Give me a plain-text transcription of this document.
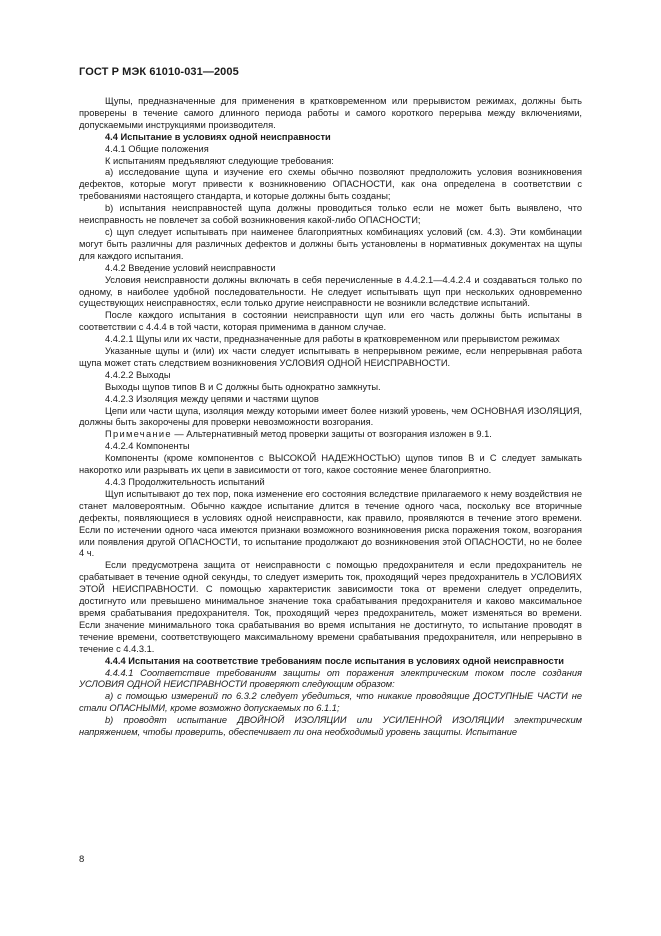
ГОСТ Р МЭК 61010-031—2005

Щупы, предназначенные для применения в кратковременном или прерывистом режимах, должны быть проверены в течение самого длинного периода работы и самого короткого перерыва между включениями, допускаемыми инструкциями производителя.

4.4 Испытание в условиях одной неисправности

4.4.1 Общие положения

К испытаниям предъявляют следующие требования:

a) исследование щупа и изучение его схемы обычно позволяют предположить условия возникновения дефектов, которые могут привести к возникновению ОПАСНОСТИ, как она определена в соответствии с требованиями настоящего стандарта, и которые должны быть созданы;

b) испытания неисправностей щупа должны проводиться только если не может быть выявлено, что неисправность не повлечет за собой возникновения какой-либо ОПАСНОСТИ;

c) щуп следует испытывать при наименее благоприятных комбинациях условий (см. 4.3). Эти комбинации могут быть различны для различных дефектов и должны быть установлены в нормативных документах на щупы для каждого испытания.

4.4.2 Введение условий неисправности

Условия неисправности должны включать в себя перечисленные в 4.4.2.1—4.4.2.4 и создаваться только по одному, в наиболее удобной последовательности. Не следует испытывать щуп при нескольких одновременно существующих неисправностях, если только другие неисправности не возникли вследствие испытаний.

После каждого испытания в состоянии неисправности щуп или его часть должны быть испытаны в соответствии с 4.4.4 в той части, которая применима в данном случае.

4.4.2.1 Щупы или их части, предназначенные для работы в кратковременном или прерывистом режимах

Указанные щупы и (или) их части следует испытывать в непрерывном режиме, если непрерывная работа щупа может стать следствием возникновения УСЛОВИЯ ОДНОЙ НЕИСПРАВНОСТИ.

4.4.2.2 Выходы

Выходы щупов типов B и C должны быть однократно замкнуты.

4.4.2.3 Изоляция между цепями и частями щупов

Цепи или части щупа, изоляция между которыми имеет более низкий уровень, чем ОСНОВНАЯ ИЗОЛЯЦИЯ, должны быть закорочены для проверки невозможности возгорания.

Примечание — Альтернативный метод проверки защиты от возгорания изложен в 9.1.

4.4.2.4 Компоненты

Компоненты (кроме компонентов с ВЫСОКОЙ НАДЕЖНОСТЬЮ) щупов типов B и C следует замыкать накоротко или разрывать их цепи в зависимости от того, какое состояние менее благоприятно.

4.4.3 Продолжительность испытаний

Щуп испытывают до тех пор, пока изменение его состояния вследствие прилагаемого к нему воздействия не станет маловероятным. Обычно каждое испытание длится в течение одного часа, поскольку все вторичные дефекты, появляющиеся в условиях одной неисправности, как правило, проявляются в течение этого времени. Если по истечении одного часа имеются признаки возможного возникновения риска поражения током, возгорания или появления другой ОПАСНОСТИ, то испытание продолжают до возникновения этой ОПАСНОСТИ, но не более 4 ч.

Если предусмотрена защита от неисправности с помощью предохранителя и если предохранитель не срабатывает в течение одной секунды, то следует измерить ток, проходящий через предохранитель в УСЛОВИЯХ ЭТОЙ НЕИСПРАВНОСТИ. С помощью характеристик зависимости тока от времени следует определить, достигнуто или превышено минимальное значение тока срабатывания предохранителя и каково максимальное время срабатывания предохранителя. Ток, проходящий через предохранитель, может изменяться во времени. Если значение минимального тока срабатывания во время испытания не достигнуто, то испытание проводят в течение времени, соответствующего максимальному времени срабатывания предохранителя, или непрерывно в течение с 4.4.3.1.

4.4.4 Испытания на соответствие требованиям после испытания в условиях одной неисправности

4.4.4.1 Соответствие требованиям защиты от поражения электрическим током после создания УСЛОВИЯ ОДНОЙ НЕИСПРАВНОСТИ проверяют следующим образом:

a) с помощью измерений по 6.3.2 следует убедиться, что никакие проводящие ДОСТУПНЫЕ ЧАСТИ не стали ОПАСНЫМИ, кроме возможно допускаемых по 6.1.1;

b) проводят испытание ДВОЙНОЙ ИЗОЛЯЦИИ или УСИЛЕННОЙ ИЗОЛЯЦИИ электрическим напряжением, чтобы проверить, обеспечивает ли она необходимый уровень защиты. Испытание

8
